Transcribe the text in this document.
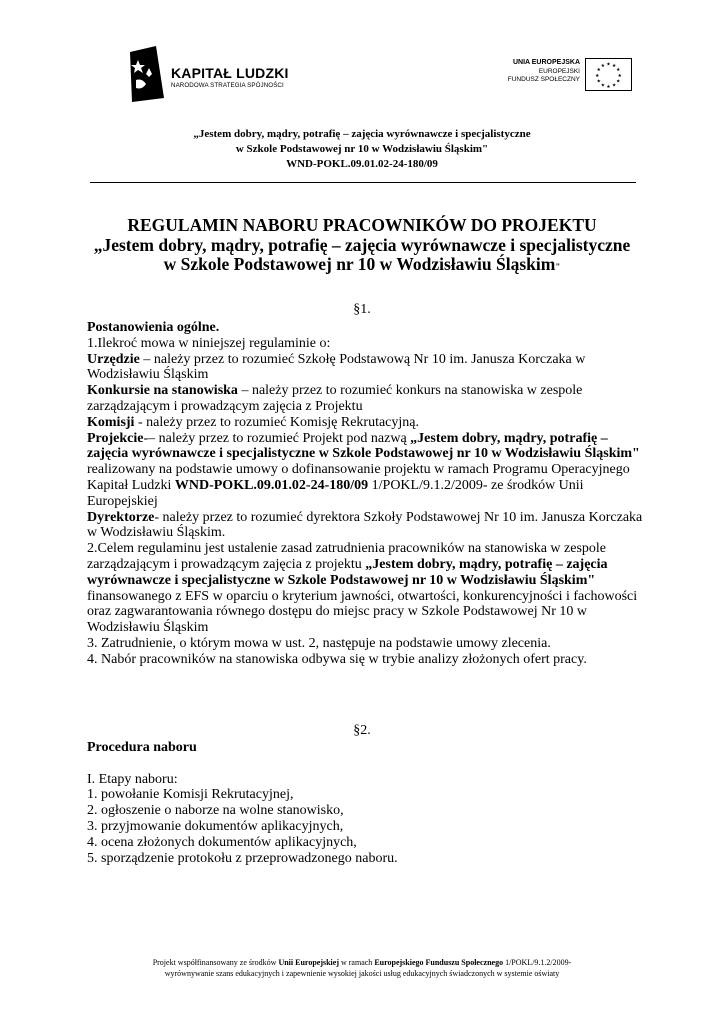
KAPITAŁ LUDZKI
NARODOWA STRATEGIA SPÓJNOŚCI
UNIA EUROPEJSKA
EUROPEJSKI
FUNDUSZ SPOŁECZNY
★ ★
★
★
★
★
★
★
★
★
★
★
„Jestem dobry, mądry, potrafię – zajęcia wyrównawcze i specjalistyczne
w Szkole Podstawowej nr 10 w Wodzisławiu Śląskim"
WND-POKL.09.01.02-24-180/09
REGULAMIN NABORU PRACOWNIKÓW DO PROJEKTU
„Jestem dobry, mądry, potrafię – zajęcia wyrównawcze i specjalistyczne
w Szkole Podstawowej nr 10 w Wodzisławiu Śląskim"
§1.

Postanowienia ogólne.

1.Ilekroć mowa w niniejszej regulaminie o:

Urzędzie – należy przez to rozumieć Szkołę Podstawową Nr 10 im. Janusza Korczaka w Wodzisławiu Śląskim

Konkursie na stanowiska – należy przez to rozumieć konkurs na stanowiska w zespole zarządzającym i prowadzącym zajęcia z Projektu

Komisji - należy przez to rozumieć Komisję Rekrutacyjną.

Projekcie-– należy przez to rozumieć Projekt pod nazwą „Jestem dobry, mądry, potrafię – zajęcia wyrównawcze i specjalistyczne w Szkole Podstawowej nr 10 w Wodzisławiu Śląskim" realizowany na podstawie umowy o dofinansowanie projektu w ramach Programu Operacyjnego Kapitał Ludzki WND-POKL.09.01.02-24-180/09 1/POKL/9.1.2/2009- ze środków Unii Europejskiej

Dyrektorze- należy przez to rozumieć dyrektora Szkoły Podstawowej Nr 10 im. Janusza Korczaka w Wodzisławiu Śląskim.

2.Celem regulaminu jest ustalenie zasad zatrudnienia pracowników na stanowiska w zespole zarządzającym i prowadzącym zajęcia z projektu „Jestem dobry, mądry, potrafię – zajęcia wyrównawcze i specjalistyczne w Szkole Podstawowej nr 10 w Wodzisławiu Śląskim" finansowanego z EFS w oparciu o kryterium jawności, otwartości, konkurencyjności i fachowości oraz zagwarantowania równego dostępu do miejsc pracy w Szkole Podstawowej Nr 10 w Wodzisławiu Śląskim

3. Zatrudnienie, o którym mowa w ust. 2, następuje na podstawie umowy zlecenia.

4. Nabór pracowników na stanowiska odbywa się w trybie analizy złożonych ofert pracy.

§2.

Procedura naboru

I. Etapy naboru:

1. powołanie Komisji Rekrutacyjnej,

2. ogłoszenie o naborze na wolne stanowisko,

3. przyjmowanie dokumentów aplikacyjnych,

4. ocena złożonych dokumentów aplikacyjnych,

5. sporządzenie protokołu z przeprowadzonego naboru.

Projekt współfinansowany ze środków Unii Europejskiej w ramach Europejskiego Funduszu Społecznego 1/POKL/9.1.2/2009-
wyrównywanie szans edukacyjnych i zapewnienie wysokiej jakości usług edukacyjnych świadczonych w systemie oświaty
